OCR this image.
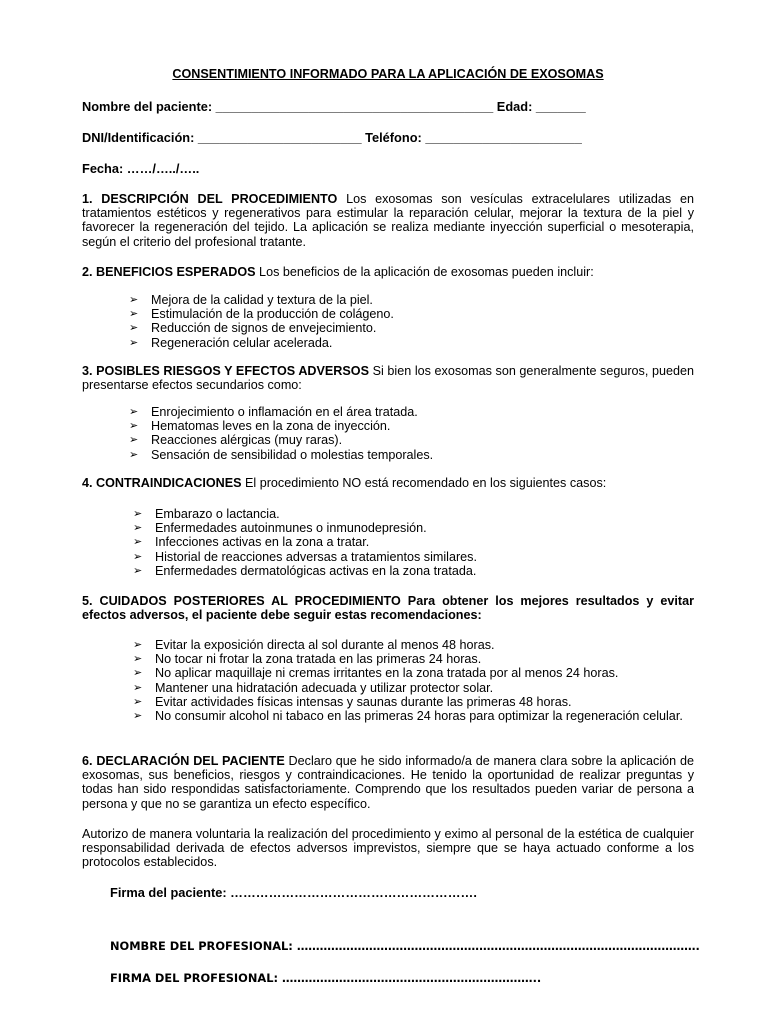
CONSENTIMIENTO INFORMADO PARA LA APLICACIÓN DE EXOSOMAS
Nombre del paciente: _______________________________________ Edad: _______
DNI/Identificación: _______________________ Teléfono: ______________________
Fecha: ……/…../…..
1. DESCRIPCIÓN DEL PROCEDIMIENTO Los exosomas son vesículas extracelulares utilizadas en tratamientos estéticos y regenerativos para estimular la reparación celular, mejorar la textura de la piel y favorecer la regeneración del tejido. La aplicación se realiza mediante inyección superficial o mesoterapia, según el criterio del profesional tratante.
2. BENEFICIOS ESPERADOS Los beneficios de la aplicación de exosomas pueden incluir:
➢ Mejora de la calidad y textura de la piel.
➢ Estimulación de la producción de colágeno.
➢ Reducción de signos de envejecimiento.
➢ Regeneración celular acelerada.
3. POSIBLES RIESGOS Y EFECTOS ADVERSOS Si bien los exosomas son generalmente seguros, pueden presentarse efectos secundarios como:
➢ Enrojecimiento o inflamación en el área tratada.
➢ Hematomas leves en la zona de inyección.
➢ Reacciones alérgicas (muy raras).
➢ Sensación de sensibilidad o molestias temporales.
4. CONTRAINDICACIONES El procedimiento NO está recomendado en los siguientes casos:
➢ Embarazo o lactancia.
➢ Enfermedades autoinmunes o inmunodepresión.
➢ Infecciones activas en la zona a tratar.
➢ Historial de reacciones adversas a tratamientos similares.
➢ Enfermedades dermatológicas activas en la zona tratada.
5. CUIDADOS POSTERIORES AL PROCEDIMIENTO Para obtener los mejores resultados y evitar efectos adversos, el paciente debe seguir estas recomendaciones:
➢ Evitar la exposición directa al sol durante al menos 48 horas.
➢ No tocar ni frotar la zona tratada en las primeras 24 horas.
➢ No aplicar maquillaje ni cremas irritantes en la zona tratada por al menos 24 horas.
➢ Mantener una hidratación adecuada y utilizar protector solar.
➢ Evitar actividades físicas intensas y saunas durante las primeras 48 horas.
➢ No consumir alcohol ni tabaco en las primeras 24 horas para optimizar la regeneración celular.
6. DECLARACIÓN DEL PACIENTE Declaro que he sido informado/a de manera clara sobre la aplicación de exosomas, sus beneficios, riesgos y contraindicaciones. He tenido la oportunidad de realizar preguntas y todas han sido respondidas satisfactoriamente. Comprendo que los resultados pueden variar de persona a persona y que no se garantiza un efecto específico.
Autorizo de manera voluntaria la realización del procedimiento y eximo al personal de la estética de cualquier responsabilidad derivada de efectos adversos imprevistos, siempre que se haya actuado conforme a los protocolos establecidos.
Firma del paciente: ………………………………………………….
NOMBRE DEL PROFESIONAL: …………………………………………………………………………………………….
FIRMA DEL PROFESIONAL: …………………………………………………………..
